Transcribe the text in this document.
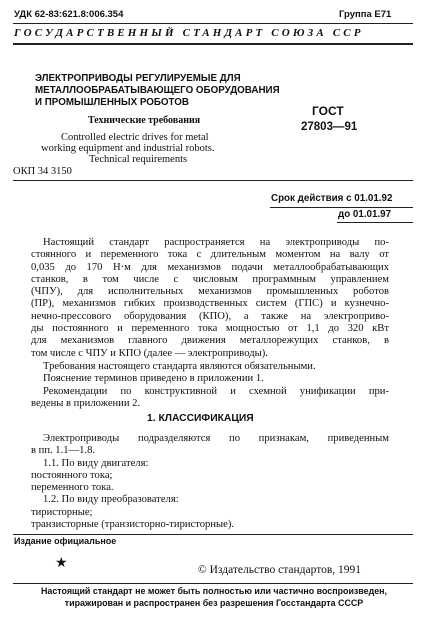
УДК 62-83:621.8:006.354	Группа Е71
ГОСУДАРСТВЕННЫЙ СТАНДАРТ СОЮЗА ССР
ЭЛЕКТРОПРИВОДЫ РЕГУЛИРУЕМЫЕ ДЛЯ
МЕТАЛЛООБРАБАТЫВАЮЩЕГО ОБОРУДОВАНИЯ
И ПРОМЫШЛЕННЫХ РОБОТОВ
Технические требования
ГОСТ
27803—91
Controlled electric drives for metal
working equipment and industrial robots.
Technical requirements
ОКП 34 3150
Срок действия с 01.01.92
до 01.01.97
Настоящий стандарт распространяется на электроприводы по-
стоянного и переменного тока с длительным моментом на валу от
0,035 до 170 Н·м для механизмов подачи металлообрабатывающих
станков, в том числе с числовым программным управлением
(ЧПУ), для исполнительных механизмов промышленных роботов
(ПР), механизмов гибких производственных систем (ГПС) и кузнечно-
нечно-прессового оборудования (КПО), а также на электроприво-
ды постоянного и переменного тока мощностью от 1,1 до 320 кВт
для механизмов главного движения металлорежущих станков, в
том числе с ЧПУ и КПО (далее — электроприводы).
Требования настоящего стандарта являются обязательными.
Пояснение терминов приведено в приложении 1.
Рекомендации по конструктивной и схемной унификации при-
ведены в приложении 2.
1. КЛАССИФИКАЦИЯ
Электроприводы подразделяются по признакам, приведенным
в пп. 1.1—1.8.
1.1. По виду двигателя:
постоянного тока;
переменного тока.
1.2. По виду преобразователя:
тиристорные;
транзисторные (транзисторно-тиристорные).
Издание официальное
★	© Издательство стандартов, 1991
Настоящий стандарт не может быть полностью или частично воспроизведен,
тиражирован и распространен без разрешения Госстандарта СССР
